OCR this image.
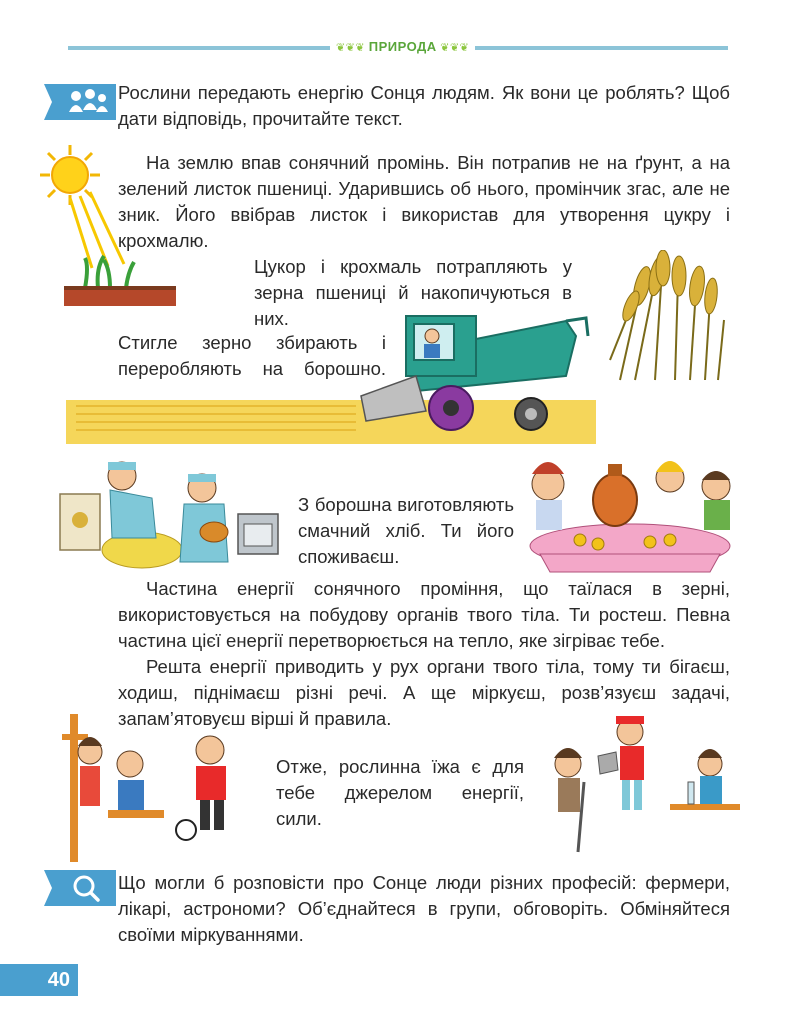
❦❦❦ ПРИРОДА ❦❦❦
Рослини передають енергію Сонця людям. Як вони це роблять? Щоб дати відповідь, прочитайте текст.
На землю впав сонячний промінь. Він потрапив не на ґрунт, а на зелений листок пшениці. Ударившись об нього, промінчик згас, але не зник. Його ввібрав листок і використав для утворення цукру і крохмалю.
Цукор і крохмаль потрапляють у зерна пшениці й накопичуються в них.
Стигле зерно збирають і переробляють на борошно.
З борошна виготовляють смачний хліб. Ти його споживаєш.
Частина енергії сонячного проміння, що таїлася в зерні, використовується на побудову органів твого тіла. Ти ростеш. Певна частина цієї енергії перетворюється на тепло, яке зігріває тебе.
Решта енергії приводить у рух органи твого тіла, тому ти бігаєш, ходиш, піднімаєш різні речі. А ще міркуєш, розв’язуєш задачі, запам’ятовуєш вірші й правила.
Отже, рослинна їжа є для тебе джерелом енергії, сили.
Що могли б розповісти про Сонце люди різних професій: фермери, лікарі, астрономи? Об’єднайтеся в групи, обговоріть. Обміняйтеся своїми міркуваннями.
40
